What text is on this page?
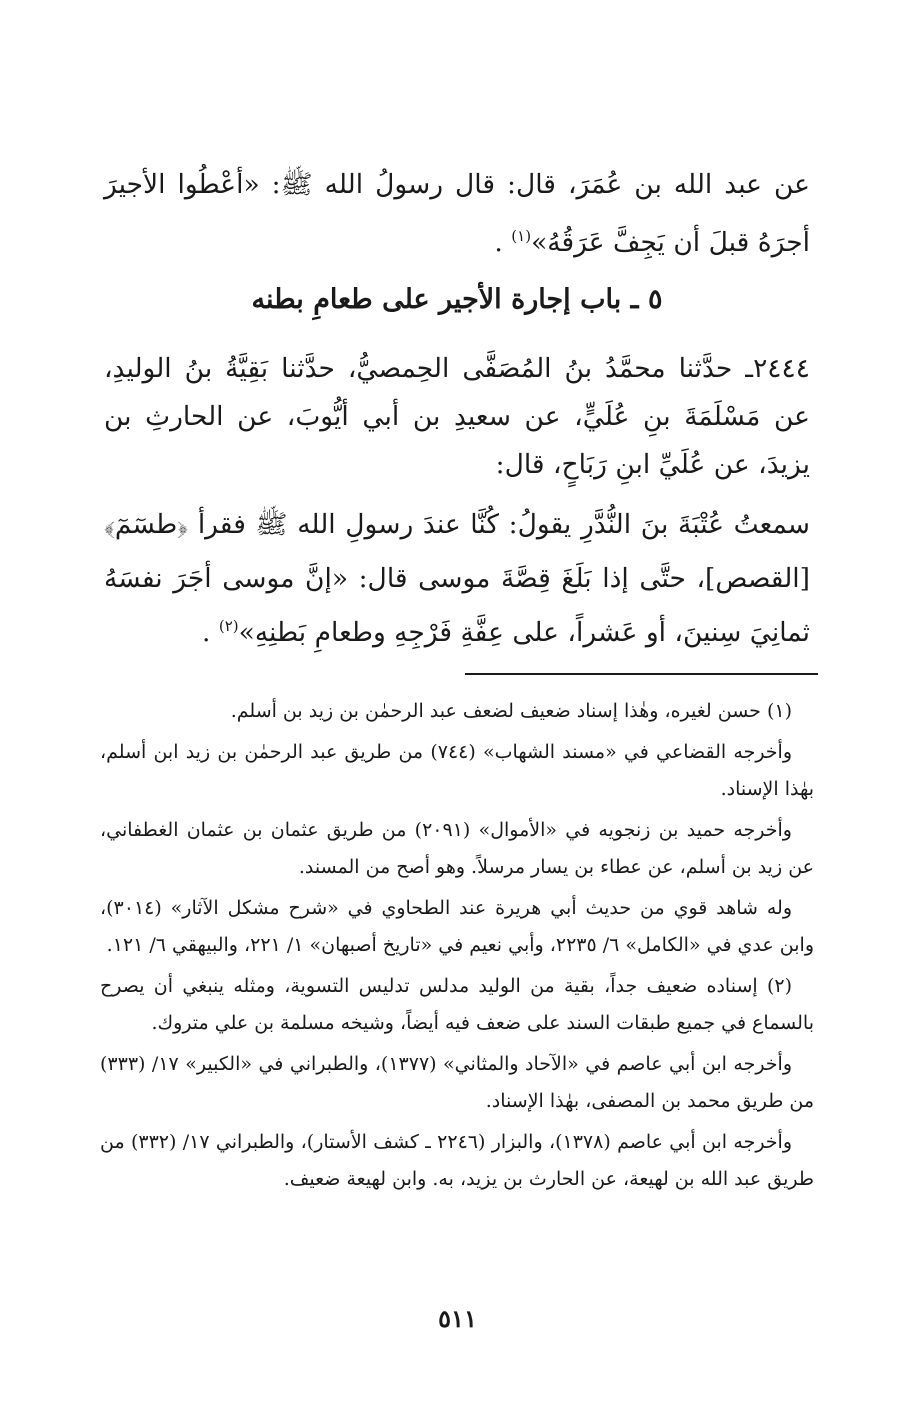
عن عبد الله بن عُمَرَ، قال: قال رسولُ الله ﷺ: «أعْطُوا الأجيرَ أجرَهُ قبلَ أن يَجِفَّ عَرَقُهُ»$^{(١)}$ .
٥ ـ باب إجارة الأجير على طعامِ بطنه
٢٤٤٤ـ حدَّثنا محمَّدُ بنُ المُصَفَّى الحِمصيُّ، حدَّثنا بَقِيَّةُ بنُ الوليدِ، عن مَسْلَمَةَ بنِ عُلَيٍّ، عن سعيدِ بن أبي أيُّوبَ، عن الحارثِ بن يزيدَ، عن عُلَيِّ ابنِ رَبَاحٍ، قال:
سمعتُ عُتْبَةَ بنَ النُّدَّرِ يقولُ: كُنَّا عندَ رسولِ الله ﷺ فقرأ ﴿طسٓمٓ﴾ [القصص]، حتَّى إذا بَلَغَ قِصَّةَ موسى قال: «إنَّ موسى أجَرَ نفسَهُ ثمانِيَ سِنينَ، أو عَشراً، على عِفَّةِ فَرْجِهِ وطعامِ بَطنِهِ»$^{(٢)}$ .

(١) حسن لغيره، وهٰذا إسناد ضعيف لضعف عبد الرحمٰن بن زيد بن أسلم.

وأخرجه القضاعي في «مسند الشهاب» (٧٤٤) من طريق عبد الرحمٰن بن زيد ابن أسلم، بهٰذا الإسناد.

وأخرجه حميد بن زنجويه في «الأموال» (٢٠٩١) من طريق عثمان بن عثمان الغطفاني، عن زيد بن أسلم، عن عطاء بن يسار مرسلاً. وهو أصح من المسند.

وله شاهد قوي من حديث أبي هريرة عند الطحاوي في «شرح مشكل الآثار» (٣٠١٤)، وابن عدي في «الكامل» ٦/ ٢٢٣٥، وأبي نعيم في «تاريخ أصبهان» ١/ ٢٢١، والبيهقي ٦/ ١٢١.

(٢) إسناده ضعيف جداً، بقية من الوليد مدلس تدليس التسوية، ومثله ينبغي أن يصرح بالسماع في جميع طبقات السند على ضعف فيه أيضاً، وشيخه مسلمة بن علي متروك.

وأخرجه ابن أبي عاصم في «الآحاد والمثاني» (١٣٧٧)، والطبراني في «الكبير» ١٧/ (٣٣٣) من طريق محمد بن المصفى، بهٰذا الإسناد.

وأخرجه ابن أبي عاصم (١٣٧٨)، والبزار (٢٢٤٦ ـ كشف الأستار)، والطبراني ١٧/ (٣٣٢) من طريق عبد الله بن لهيعة، عن الحارث بن يزيد، به. وابن لهيعة ضعيف.

٥١١
